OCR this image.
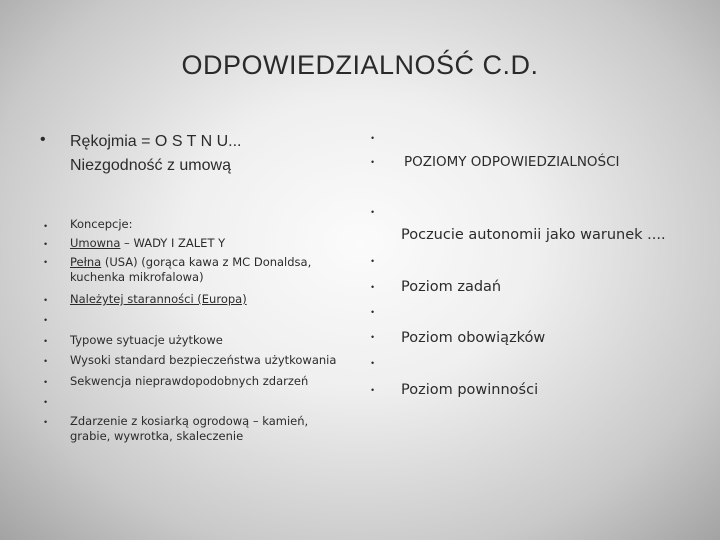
ODPOWIEDZIALNOŚĆ C.D.
• Rękojmia = O S T N U...
Niezgodność z umową
•
•
•
•
•
•
•
•
•
•
Koncepcje:
Umowna – WADY I ZALET Y
Pełna (USA) (gorąca kawa z MC Donaldsa, kuchenka mikrofalowa)
Należytej staranności (Europa)
Typowe sytuacje użytkowe
Wysoki standard bezpieczeństwa użytkowania
Sekwencja nieprawdopodobnych zdarzeń
Zdarzenie z kosiarką ogrodową – kamień, grabie, wywrotka, skaleczenie
•
• POZIOMY ODPOWIEDZIALNOŚCI
•
Poczucie autonomii jako warunek ....
•
• Poziom zadań
•
• Poziom obowiązków
•
• Poziom powinności
